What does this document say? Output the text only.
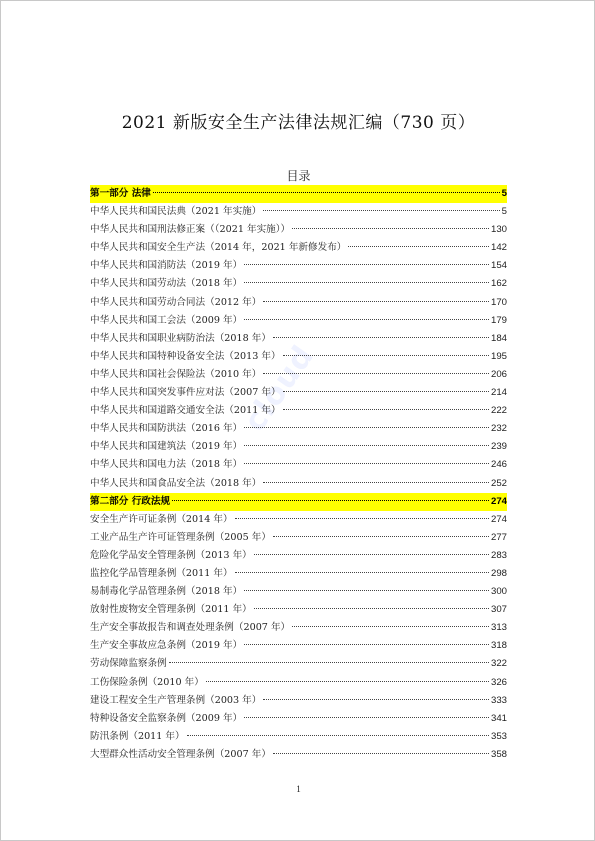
2021 新版安全生产法律法规汇编（730 页）
目录
cloud
第一部分 法律	5
中华人民共和国民法典（2021 年实施）	5
中华人民共和国刑法修正案（（2021 年实施））	130
中华人民共和国安全生产法（2014 年，2021 年新修发布）	142
中华人民共和国消防法（2019 年）	154
中华人民共和国劳动法（2018 年）	162
中华人民共和国劳动合同法（2012 年）	170
中华人民共和国工会法（2009 年）	179
中华人民共和国职业病防治法（2018 年）	184
中华人民共和国特种设备安全法（2013 年）	195
中华人民共和国社会保险法（2010 年）	206
中华人民共和国突发事件应对法（2007 年）	214
中华人民共和国道路交通安全法（2011 年）	222
中华人民共和国防洪法（2016 年）	232
中华人民共和国建筑法（2019 年）	239
中华人民共和国电力法（2018 年）	246
中华人民共和国食品安全法（2018 年）	252
第二部分 行政法规	274
安全生产许可证条例（2014 年）	274
工业产品生产许可证管理条例（2005 年）	277
危险化学品安全管理条例（2013 年）	283
监控化学品管理条例（2011 年）	298
易制毒化学品管理条例（2018 年）	300
放射性废物安全管理条例（2011 年）	307
生产安全事故报告和调查处理条例（2007 年）	313
生产安全事故应急条例（2019 年）	318
劳动保障监察条例	322
工伤保险条例（2010 年）	326
建设工程安全生产管理条例（2003 年）	333
特种设备安全监察条例（2009 年）	341
防汛条例（2011 年）	353
大型群众性活动安全管理条例（2007 年）	358
1
